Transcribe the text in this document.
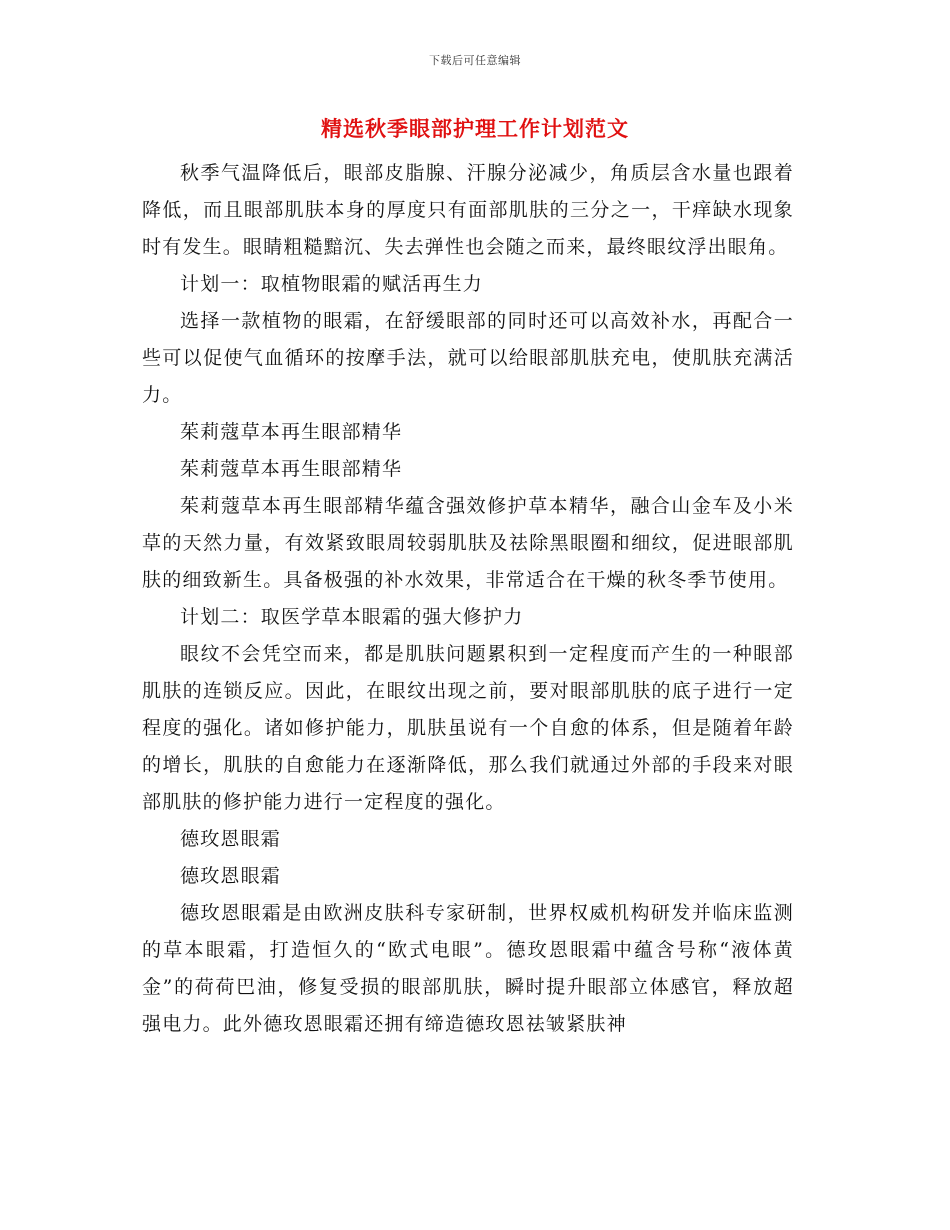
下载后可任意编辑
精选秋季眼部护理工作计划范文

秋季气温降低后，眼部皮脂腺、汗腺分泌减少，角质层含水量也跟着降低，而且眼部肌肤本身的厚度只有面部肌肤的三分之一，干痒缺水现象时有发生。眼睛粗糙黯沉、失去弹性也会随之而来，最终眼纹浮出眼角。

计划一：取植物眼霜的赋活再生力

选择一款植物的眼霜，在舒缓眼部的同时还可以高效补水，再配合一些可以促使气血循环的按摩手法，就可以给眼部肌肤充电，使肌肤充满活力。

茱莉蔻草本再生眼部精华

茱莉蔻草本再生眼部精华

茱莉蔻草本再生眼部精华蕴含强效修护草本精华，融合山金车及小米草的天然力量，有效紧致眼周较弱肌肤及祛除黑眼圈和细纹，促进眼部肌肤的细致新生。具备极强的补水效果，非常适合在干燥的秋冬季节使用。

计划二：取医学草本眼霜的强大修护力

眼纹不会凭空而来，都是肌肤问题累积到一定程度而产生的一种眼部肌肤的连锁反应。因此，在眼纹出现之前，要对眼部肌肤的底子进行一定程度的强化。诸如修护能力，肌肤虽说有一个自愈的体系，但是随着年龄的增长，肌肤的自愈能力在逐渐降低，那么我们就通过外部的手段来对眼部肌肤的修护能力进行一定程度的强化。

德玫恩眼霜

德玫恩眼霜

德玫恩眼霜是由欧洲皮肤科专家研制，世界权威机构研发并临床监测的草本眼霜，打造恒久的“欧式电眼”。德玫恩眼霜中蕴含号称“液体黄金”的荷荷巴油，修复受损的眼部肌肤，瞬时提升眼部立体感官，释放超强电力。此外德玫恩眼霜还拥有缔造德玫恩祛皱紧肤神
